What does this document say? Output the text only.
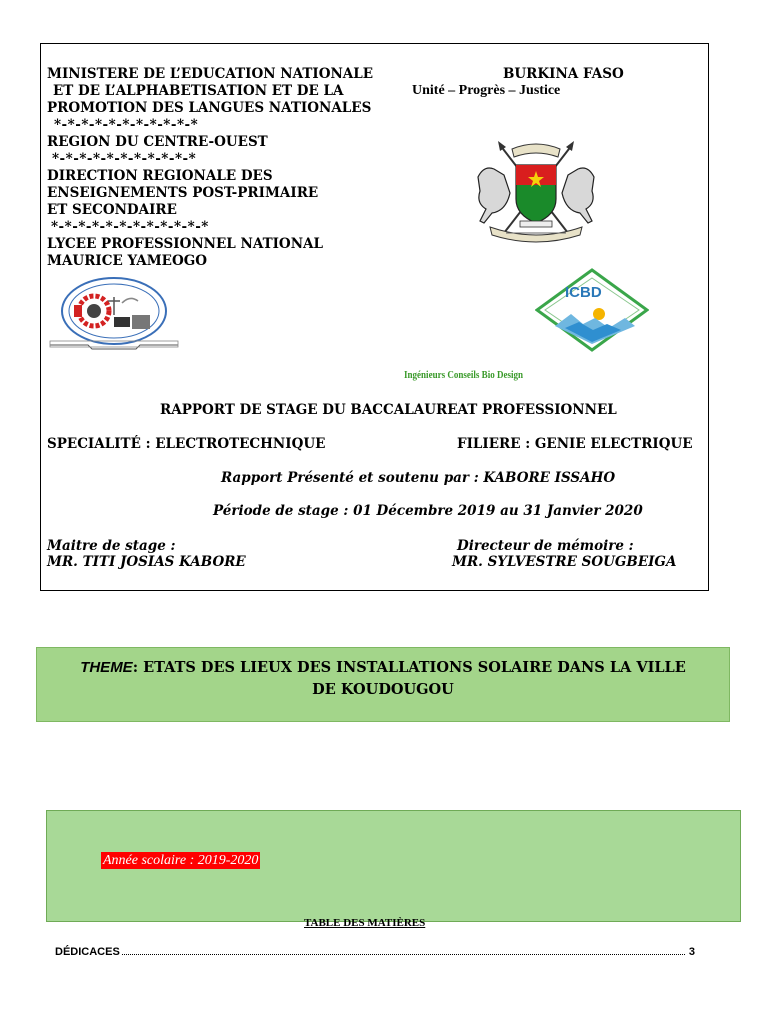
MINISTERE DE L’EDUCATION NATIONALE
ET DE L’ALPHABETISATION ET DE LA
PROMOTION DES LANGUES NATIONALES
*-*-*-*-*-*-*-*-*-*-*
REGION DU CENTRE-OUEST
*-*-*-*-*-*-*-*-*-*-*
DIRECTION REGIONALE DES
ENSEIGNEMENTS POST-PRIMAIRE
ET SECONDAIRE
*-*-*-*-*-*-*-*-*-*-*-*
LYCEE PROFESSIONNEL NATIONAL
MAURICE YAMEOGO
BURKINA FASO
Unité – Progrès – Justice
ICBD
Ingénieurs Conseils Bio Design
RAPPORT DE STAGE DU BACCALAUREAT PROFESSIONNEL
SPECIALITÉ : ELECTROTECHNIQUE	FILIERE : GENIE ELECTRIQUE
Rapport Présenté et soutenu par : KABORE ISSAHO
Période de stage : 01 Décembre 2019 au 31 Janvier 2020
Maitre de stage :
MR. TITI JOSIAS KABORE
Directeur de mémoire :
MR. SYLVESTRE SOUGBEIGA
THEME: ETATS DES LIEUX DES INSTALLATIONS SOLAIRE DANS LA VILLE
DE KOUDOUGOU
Année scolaire : 2019-2020
TABLE DES MATIÈRES
DÉDICACES	3
